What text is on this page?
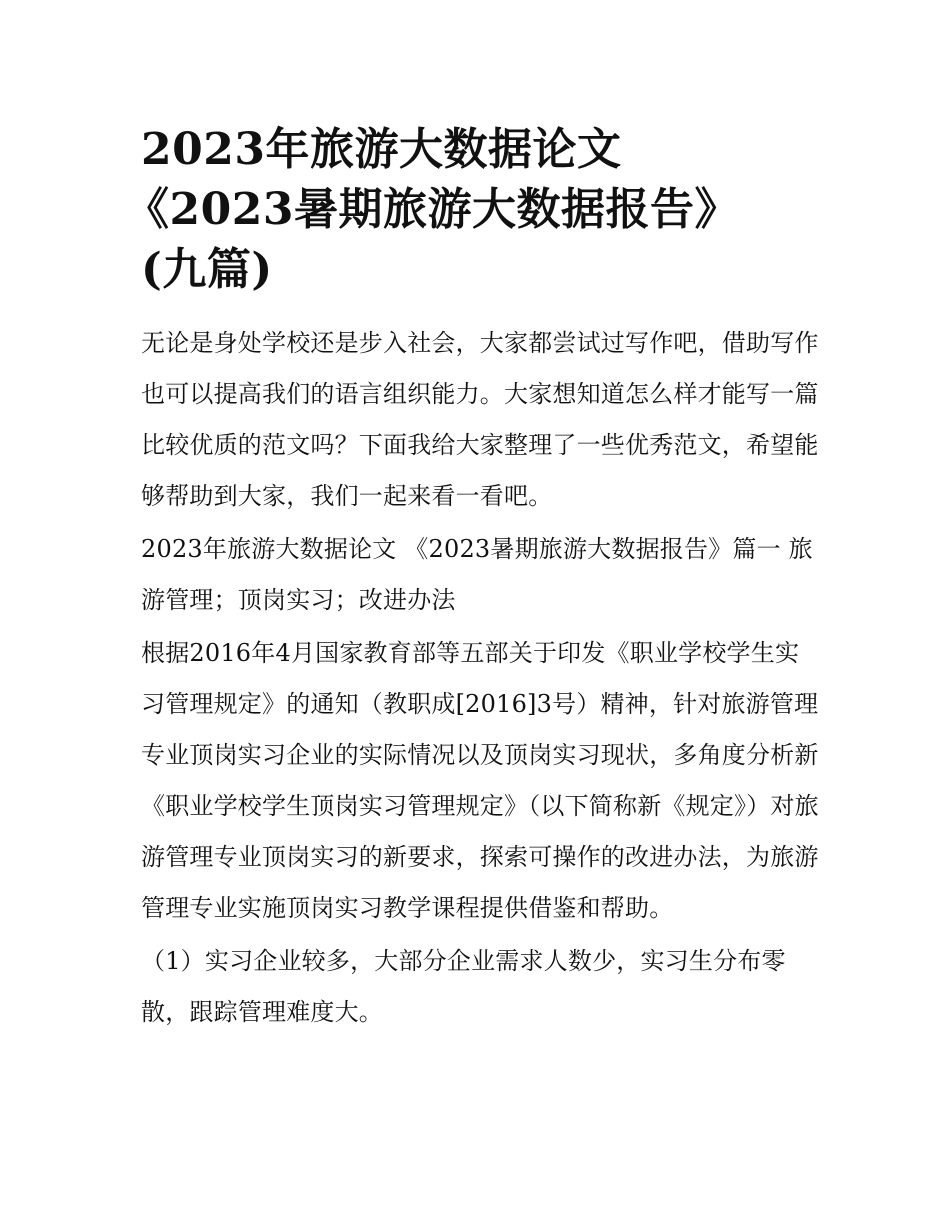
2023年旅游大数据论文
《2023暑期旅游大数据报告》
(九篇)

无论是身处学校还是步入社会，大家都尝试过写作吧，借助写作也可以提高我们的语言组织能力。大家想知道怎么样才能写一篇比较优质的范文吗？下面我给大家整理了一些优秀范文，希望能够帮助到大家，我们一起来看一看吧。

2023年旅游大数据论文 《2023暑期旅游大数据报告》篇一 旅游管理；顶岗实习；改进办法

根据2016年4月国家教育部等五部关于印发《职业学校学生实习管理规定》的通知（教职成[2016]3号）精神，针对旅游管理专业顶岗实习企业的实际情况以及顶岗实习现状，多角度分析新《职业学校学生顶岗实习管理规定》（以下简称新《规定》）对旅游管理专业顶岗实习的新要求，探索可操作的改进办法，为旅游管理专业实施顶岗实习教学课程提供借鉴和帮助。

（1）实习企业较多，大部分企业需求人数少，实习生分布零散，跟踪管理难度大。
